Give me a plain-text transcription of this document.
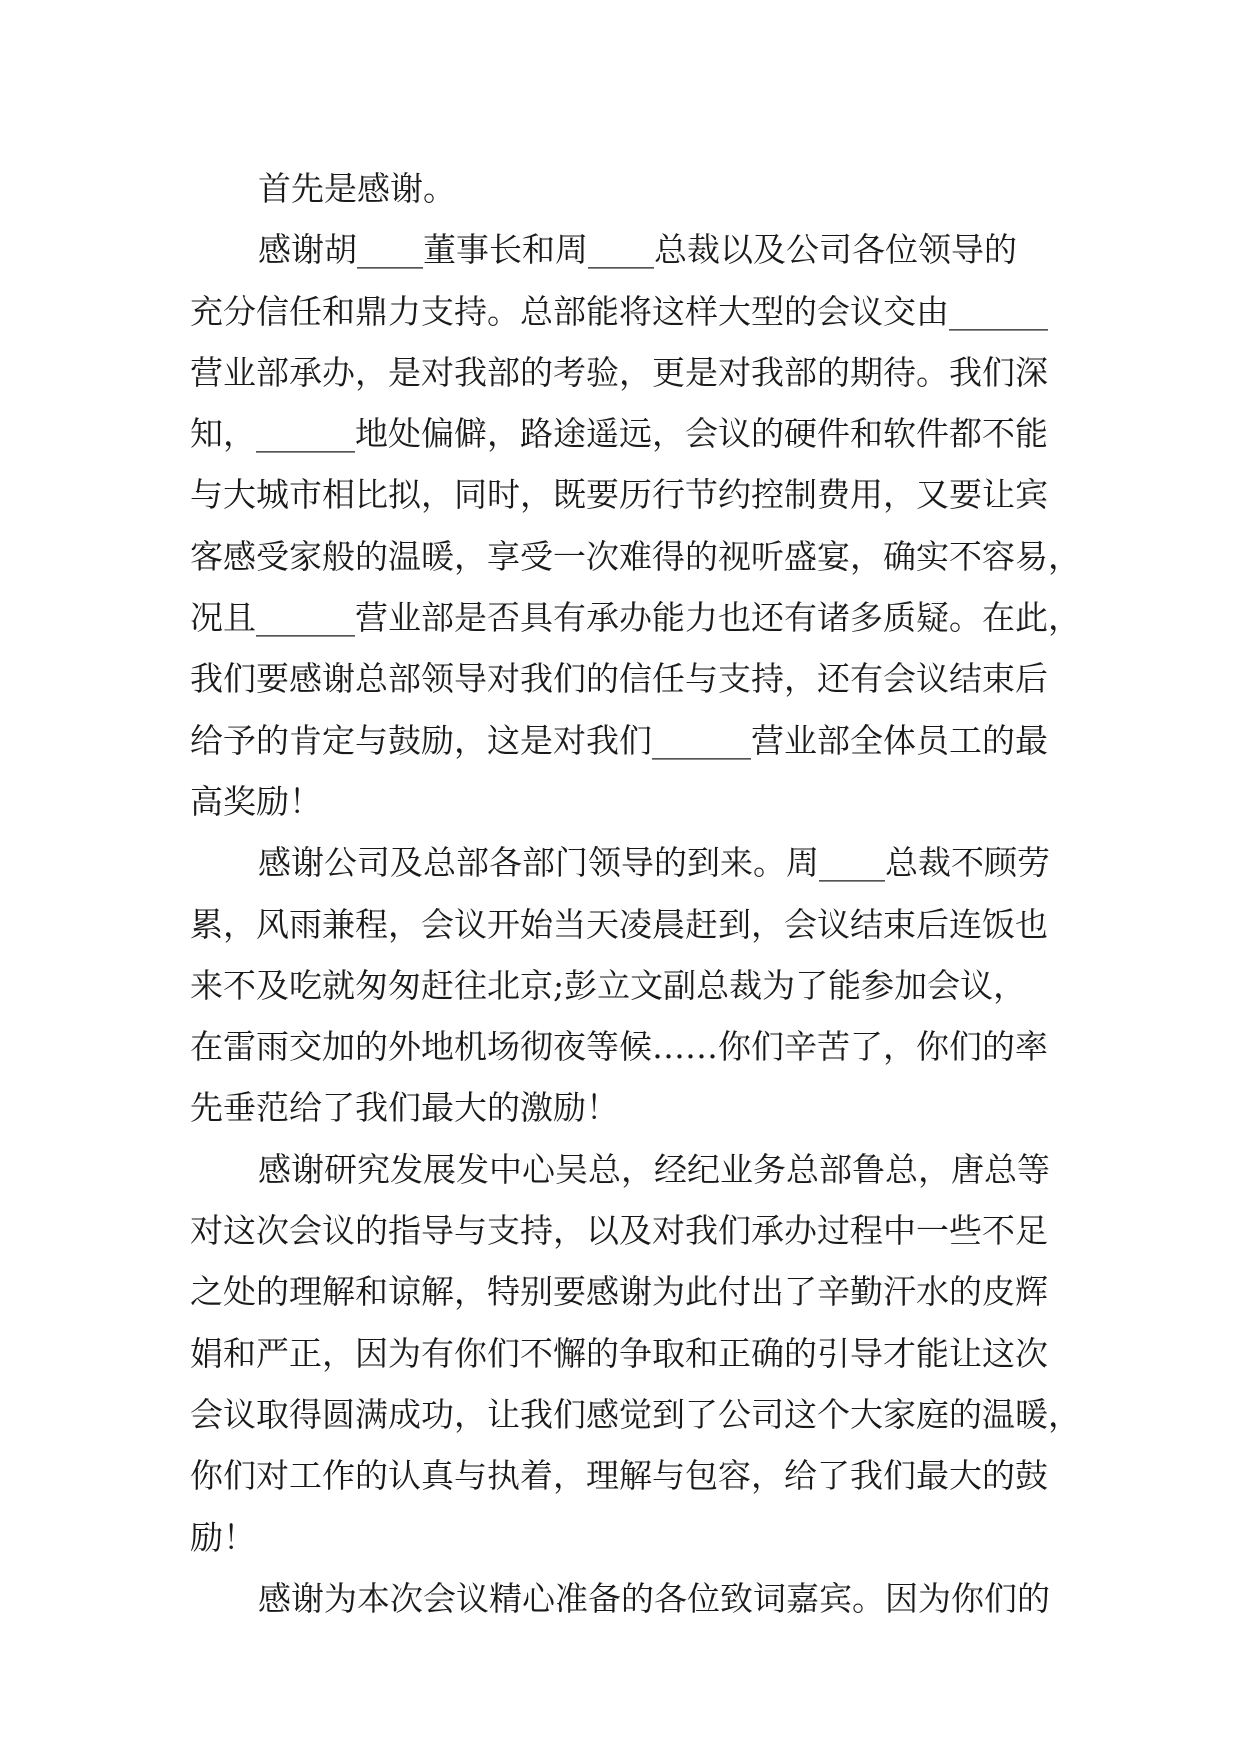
首先是感谢。
感谢胡____董事长和周____总裁以及公司各位领导的
充分信任和鼎力支持。总部能将这样大型的会议交由______
营业部承办，是对我部的考验，更是对我部的期待。我们深
知，______地处偏僻，路途遥远，会议的硬件和软件都不能
与大城市相比拟，同时，既要历行节约控制费用，又要让宾
客感受家般的温暖，享受一次难得的视听盛宴，确实不容易，
况且______营业部是否具有承办能力也还有诸多质疑。在此，
我们要感谢总部领导对我们的信任与支持，还有会议结束后
给予的肯定与鼓励，这是对我们______营业部全体员工的最
高奖励！
感谢公司及总部各部门领导的到来。周____总裁不顾劳
累，风雨兼程，会议开始当天凌晨赶到，会议结束后连饭也
来不及吃就匆匆赶往北京;彭立文副总裁为了能参加会议，
在雷雨交加的外地机场彻夜等候……你们辛苦了，你们的率
先垂范给了我们最大的激励！
感谢研究发展发中心吴总，经纪业务总部鲁总，唐总等
对这次会议的指导与支持，以及对我们承办过程中一些不足
之处的理解和谅解，特别要感谢为此付出了辛勤汗水的皮辉
娟和严正，因为有你们不懈的争取和正确的引导才能让这次
会议取得圆满成功，让我们感觉到了公司这个大家庭的温暖，
你们对工作的认真与执着，理解与包容，给了我们最大的鼓
励！
感谢为本次会议精心准备的各位致词嘉宾。因为你们的
